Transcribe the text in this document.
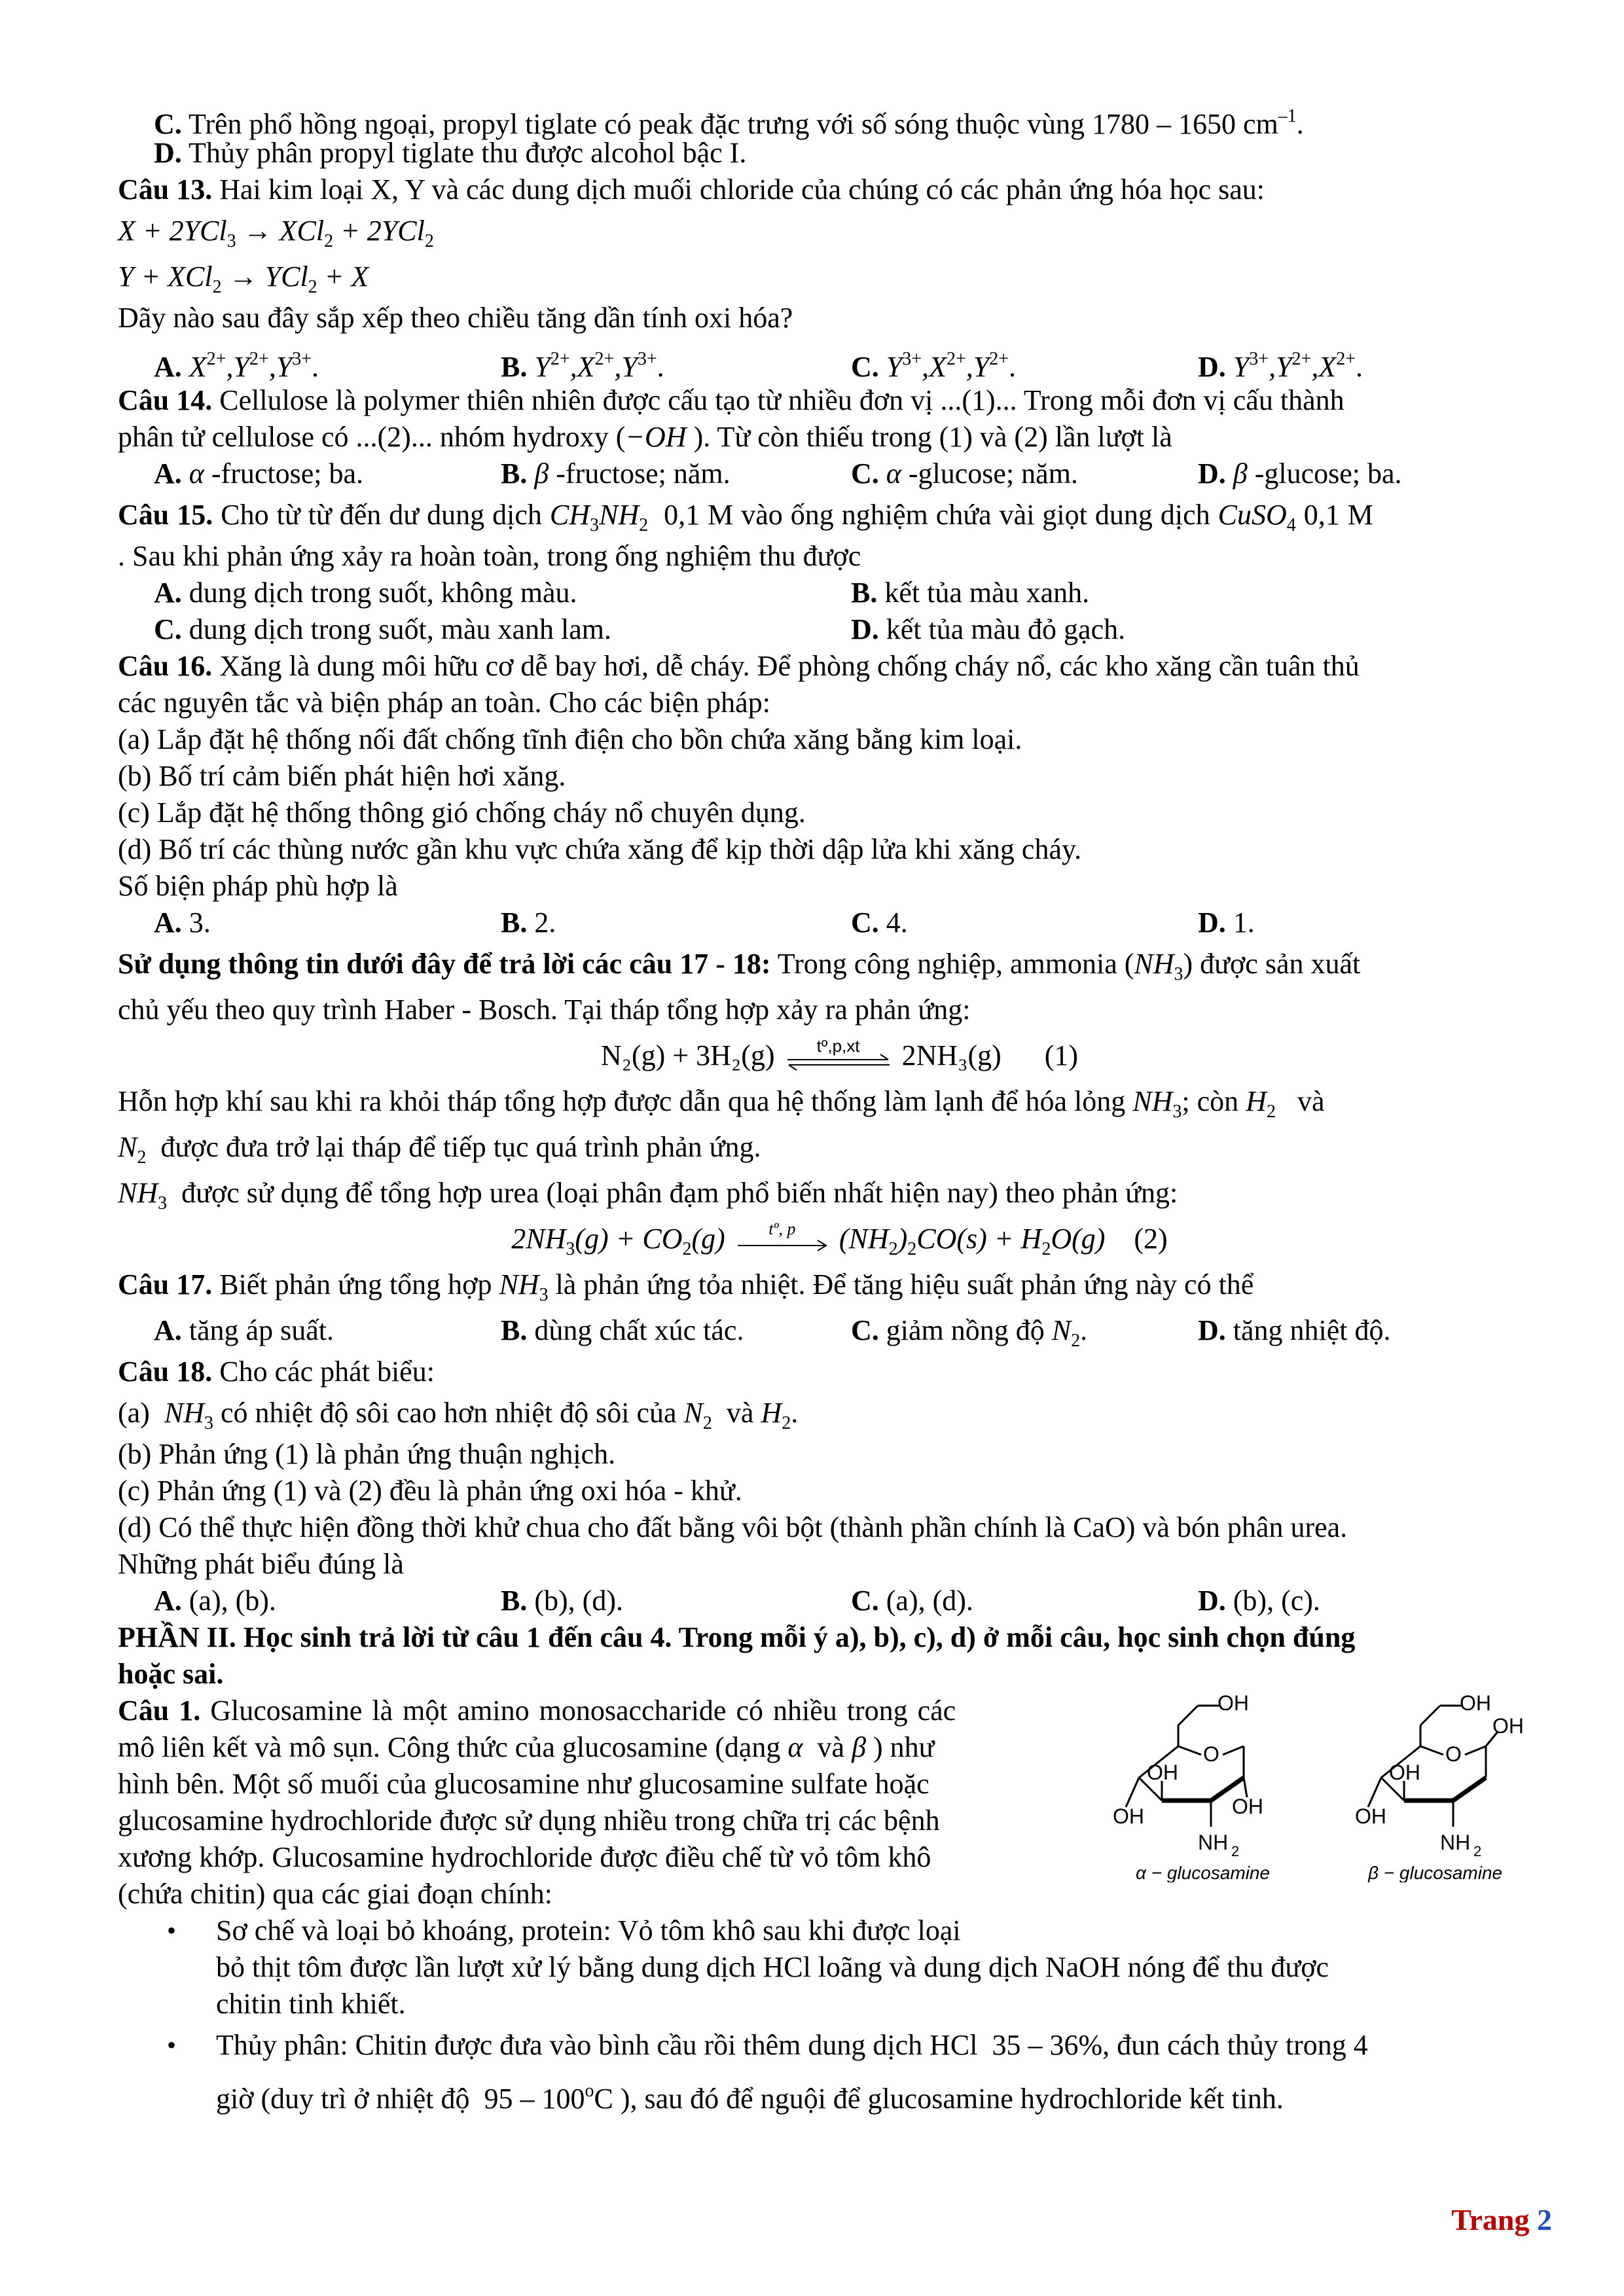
C. Trên phổ hồng ngoại, propyl tiglate có peak đặc trưng với số sóng thuộc vùng 1780 – 1650 $cm^{-1}$.
D. Thủy phân propyl tiglate thu được alcohol bậc I.
Câu 13. Hai kim loại X, Y và các dung dịch muối chloride của chúng có các phản ứng hóa học sau:
X + 2YCl$_3$ → XCl$_2$ + 2YCl$_2$
Y + XCl$_2$ → YCl$_2$ + X
Dãy nào sau đây sắp xếp theo chiều tăng dần tính oxi hóa?
A. $X^{2+},Y^{2+},Y^{3+}$.	B. $Y^{2+},X^{2+},Y^{3+}$.	C. $Y^{3+},X^{2+},Y^{2+}$.	D. $Y^{3+},Y^{2+},X^{2+}$.
Câu 14. Cellulose là polymer thiên nhiên được cấu tạo từ nhiều đơn vị ...(1)... Trong mỗi đơn vị cấu thành
phân tử cellulose có ...(2)... nhóm hydroxy (−OH ). Từ còn thiếu trong (1) và (2) lần lượt là
A. α -fructose; ba.	B. β -fructose; năm.	C. α -glucose; năm.	D. β -glucose; ba.
Câu 15. Cho từ từ đến dư dung dịch $CH_3NH_2$ 0,1 M vào ống nghiệm chứa vài giọt dung dịch CuSO$_4$ 0,1 M
. Sau khi phản ứng xảy ra hoàn toàn, trong ống nghiệm thu được
A. dung dịch trong suốt, không màu.	B. kết tủa màu xanh.
C. dung dịch trong suốt, màu xanh lam.	D. kết tủa màu đỏ gạch.
Câu 16. Xăng là dung môi hữu cơ dễ bay hơi, dễ cháy. Để phòng chống cháy nổ, các kho xăng cần tuân thủ
các nguyên tắc và biện pháp an toàn. Cho các biện pháp:
(a) Lắp đặt hệ thống nối đất chống tĩnh điện cho bồn chứa xăng bằng kim loại.
(b) Bố trí cảm biến phát hiện hơi xăng.
(c) Lắp đặt hệ thống thông gió chống cháy nổ chuyên dụng.
(d) Bố trí các thùng nước gần khu vực chứa xăng để kịp thời dập lửa khi xăng cháy.
Số biện pháp phù hợp là
A. 3.	B. 2.	C. 4.	D. 1.
Sử dụng thông tin dưới đây để trả lời các câu 17 - 18: Trong công nghiệp, ammonia $(NH_3)$ được sản xuất
chủ yếu theo quy trình Haber - Bosch. Tại tháp tổng hợp xảy ra phản ứng:
N₂(g) + 3H₂(g)	tº,p,xt	2NH₃(g) (1)
Hỗn hợp khí sau khi ra khỏi tháp tổng hợp được dẫn qua hệ thống làm lạnh để hóa lỏng $NH_3$; còn $H_2$ và
$N_2$ được đưa trở lại tháp để tiếp tục quá trình phản ứng.
$NH_3$ được sử dụng để tổng hợp urea (loại phân đạm phổ biến nhất hiện nay) theo phản ứng:
$2NH_3(g) + CO_2(g)$	tº, p	$(NH_2)_2CO(s) + H_2O(g)$    (2)
Câu 17. Biết phản ứng tổng hợp $NH_3$ là phản ứng tỏa nhiệt. Để tăng hiệu suất phản ứng này có thể
A. tăng áp suất.	B. dùng chất xúc tác.	C. giảm nồng độ $N_2$.	D. tăng nhiệt độ.
Câu 18. Cho các phát biểu:
(a) $NH_3$ có nhiệt độ sôi cao hơn nhiệt độ sôi của $N_2$ và $H_2$.
(b) Phản ứng (1) là phản ứng thuận nghịch.
(c) Phản ứng (1) và (2) đều là phản ứng oxi hóa - khử.
(d) Có thể thực hiện đồng thời khử chua cho đất bằng vôi bột (thành phần chính là CaO) và bón phân urea.
Những phát biểu đúng là
A. (a), (b).	B. (b), (d).	C. (a), (d).	D. (b), (c).
PHẦN II. Học sinh trả lời từ câu 1 đến câu 4. Trong mỗi ý a), b), c), d) ở mỗi câu, học sinh chọn đúng
hoặc sai.
Câu 1. Glucosamine là một amino monosaccharide có nhiều trong các
mô liên kết và mô sụn. Công thức của glucosamine (dạng α và β ) như
hình bên. Một số muối của glucosamine như glucosamine sulfate hoặc
glucosamine hydrochloride được sử dụng nhiều trong chữa trị các bệnh
xương khớp. Glucosamine hydrochloride được điều chế từ vỏ tôm khô
(chứa chitin) qua các giai đoạn chính:
• Sơ chế và loại bỏ khoáng, protein: Vỏ tôm khô sau khi được loại
OH
O
OH
OH
OH
NH 2
α − glucosamine
OH
O
OH
OH
OH
NH 2
β − glucosamine
bỏ thịt tôm được lần lượt xử lý bằng dung dịch HCl loãng và dung dịch NaOH nóng để thu được
chitin tinh khiết.
• Thủy phân: Chitin được đưa vào bình cầu rồi thêm dung dịch HCl 35 – 36%, đun cách thủy trong 4
giờ (duy trì ở nhiệt độ 95 – 100$^o$C ), sau đó để nguội để glucosamine hydrochloride kết tinh.
Trang 2
